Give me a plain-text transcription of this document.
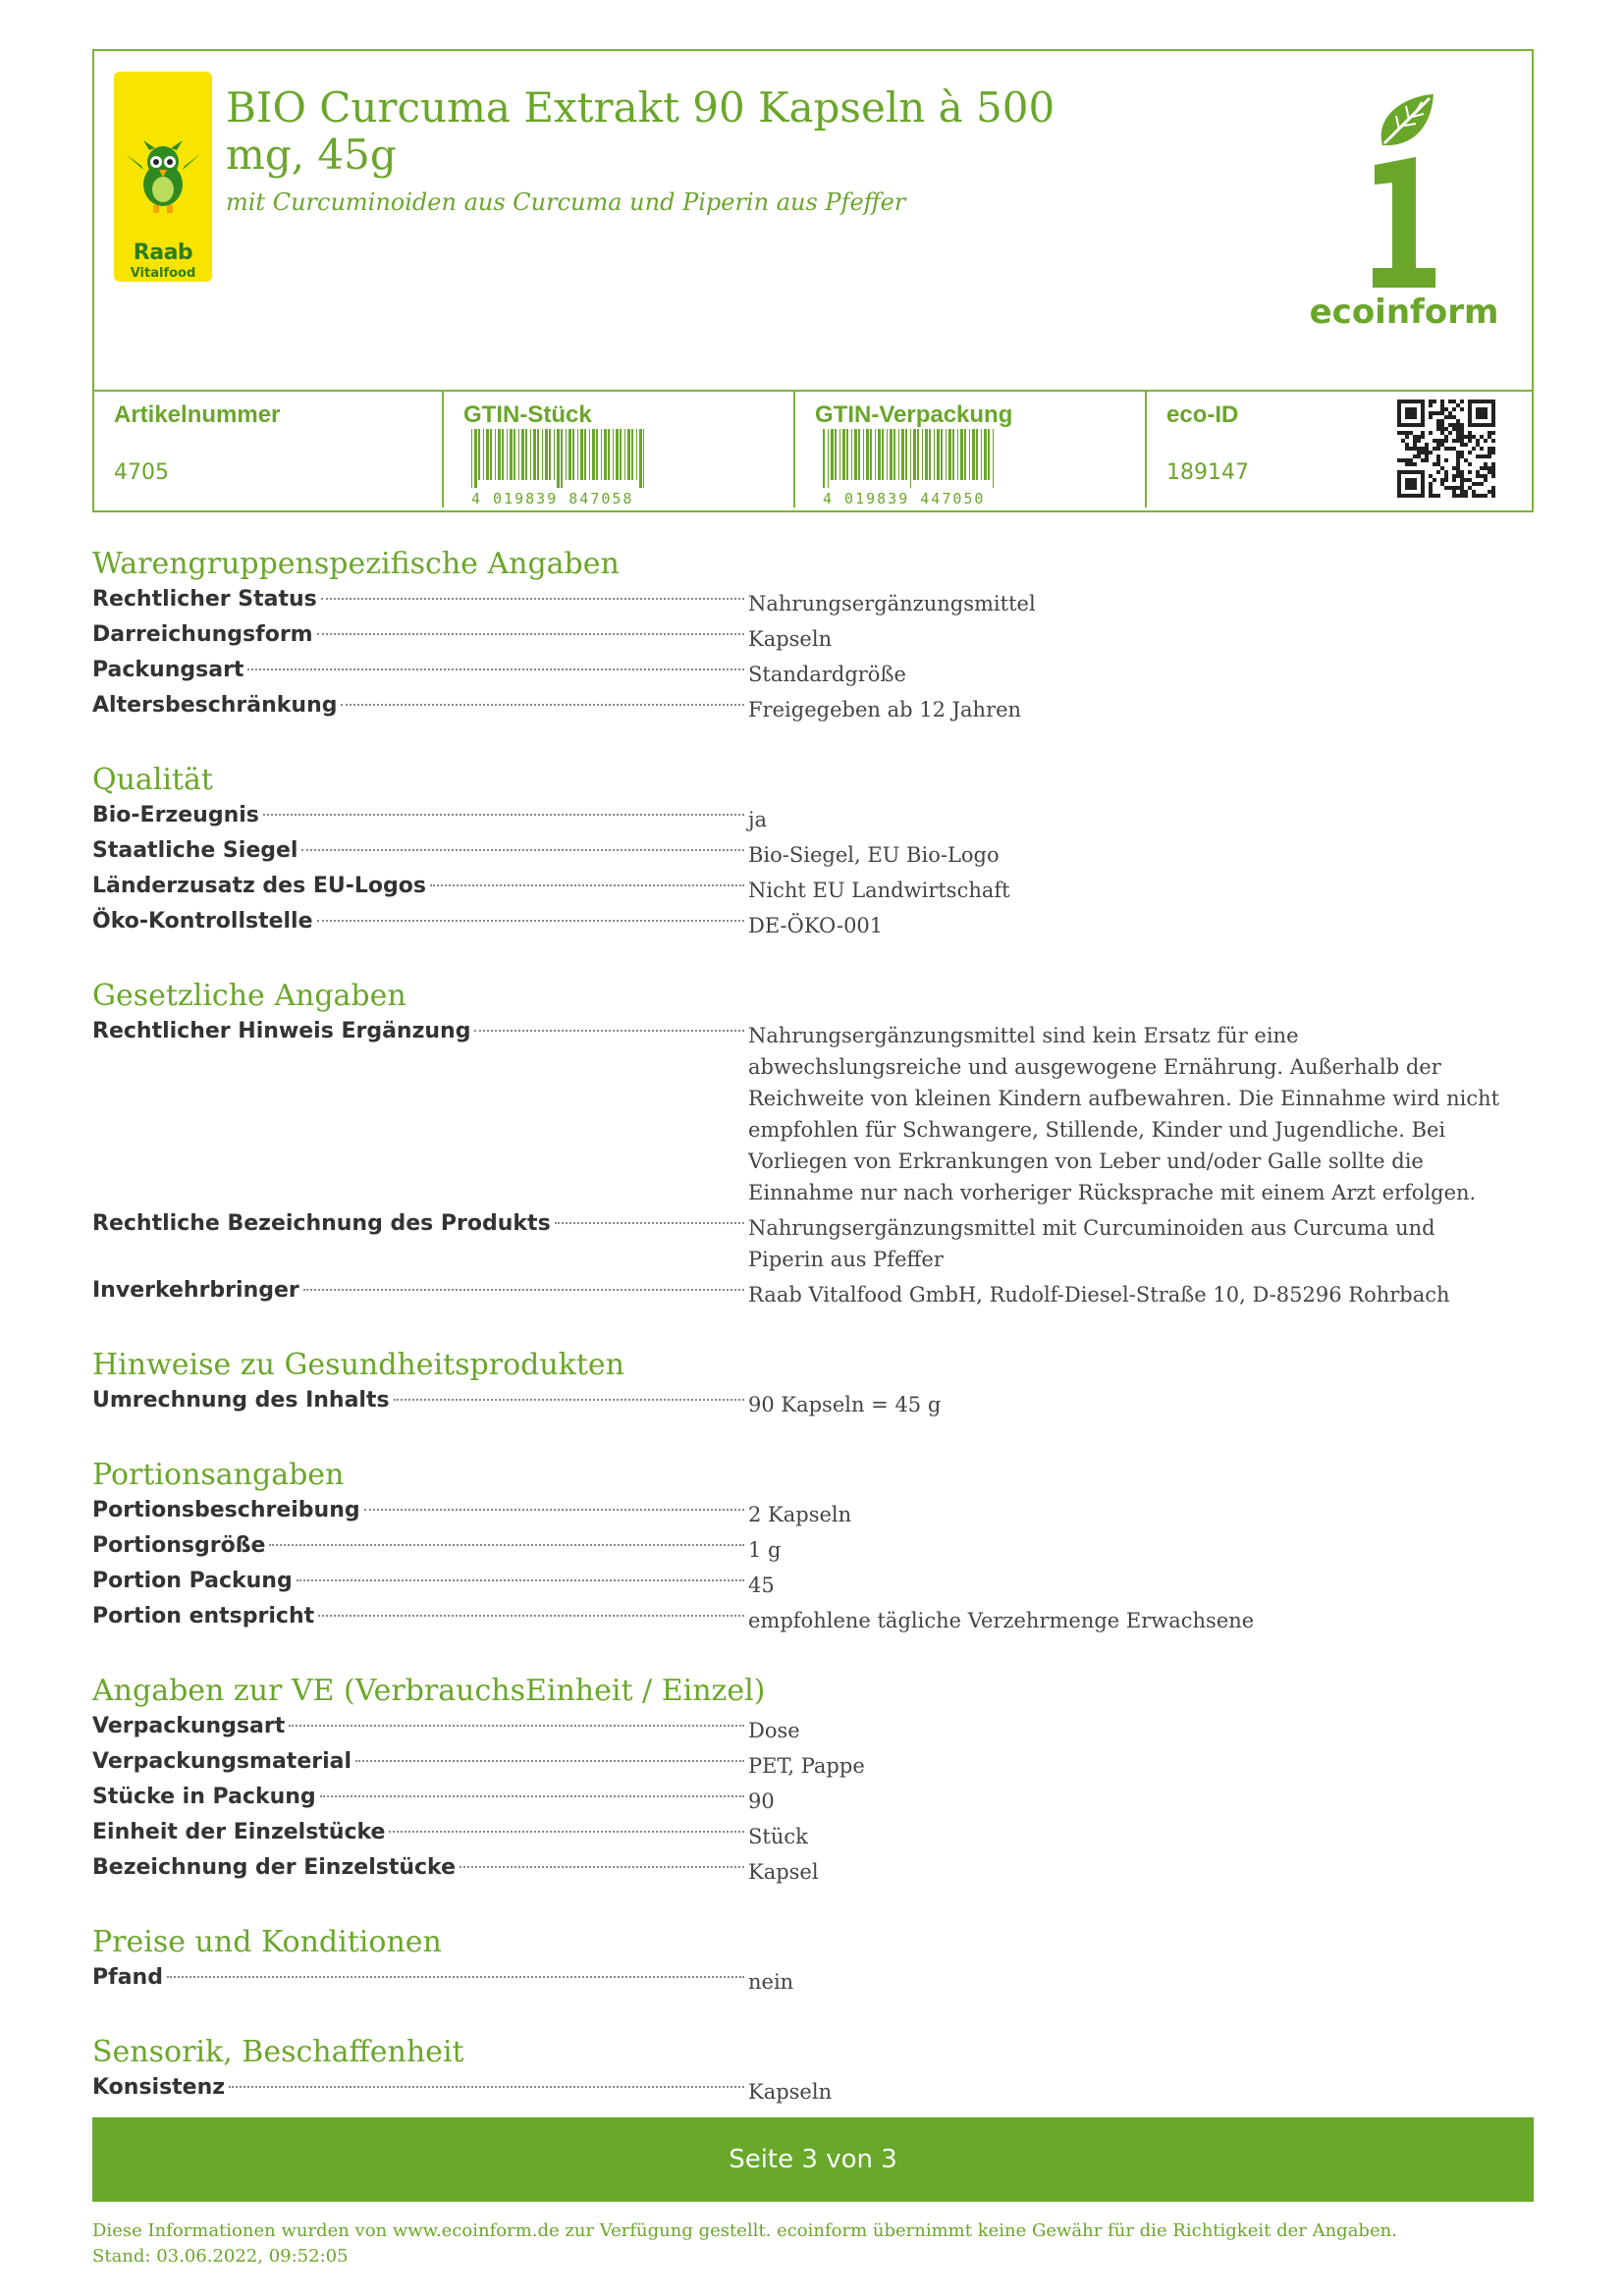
Raab
Vitalfood
BIO Curcuma Extrakt 90 Kapseln à 500 mg, 45g
mit Curcuminoiden aus Curcuma und Piperin aus Pfeffer
ecoinform
Artikelnummer
4705
GTIN-Stück
4 019839 847058
GTIN-Verpackung
4 019839 447050
eco-ID
189147
Warengruppenspezifische Angaben
Rechtlicher Status	Nahrungsergänzungsmittel
Darreichungsform	Kapseln
Packungsart	Standardgröße
Altersbeschränkung	Freigegeben ab 12 Jahren
Qualität
Bio-Erzeugnis	ja
Staatliche Siegel	Bio-Siegel, EU Bio-Logo
Länderzusatz des EU-Logos	Nicht EU Landwirtschaft
Öko-Kontrollstelle	DE-ÖKO-001
Gesetzliche Angaben
Rechtlicher Hinweis Ergänzung	Nahrungsergänzungsmittel sind kein Ersatz für eine abwechslungsreiche und ausgewogene Ernährung. Außerhalb der Reichweite von kleinen Kindern aufbewahren. Die Einnahme wird nicht empfohlen für Schwangere, Stillende, Kinder und Jugendliche. Bei Vorliegen von Erkrankungen von Leber und/oder Galle sollte die Einnahme nur nach vorheriger Rücksprache mit einem Arzt erfolgen.
Rechtliche Bezeichnung des Produkts	Nahrungsergänzungsmittel mit Curcuminoiden aus Curcuma und Piperin aus Pfeffer
Inverkehrbringer	Raab Vitalfood GmbH, Rudolf-Diesel-Straße 10, D-85296 Rohrbach
Hinweise zu Gesundheitsprodukten
Umrechnung des Inhalts	90 Kapseln = 45 g
Portionsangaben
Portionsbeschreibung	2 Kapseln
Portionsgröße	1 g
Portion Packung	45
Portion entspricht	empfohlene tägliche Verzehrmenge Erwachsene
Angaben zur VE (VerbrauchsEinheit / Einzel)
Verpackungsart	Dose
Verpackungsmaterial	PET, Pappe
Stücke in Packung	90
Einheit der Einzelstücke	Stück
Bezeichnung der Einzelstücke	Kapsel
Preise und Konditionen
Pfand	nein
Sensorik, Beschaffenheit
Konsistenz	Kapseln
Seite 3 von 3
Diese Informationen wurden von www.ecoinform.de zur Verfügung gestellt. ecoinform übernimmt keine Gewähr für die Richtigkeit der Angaben.
Stand: 03.06.2022, 09:52:05
